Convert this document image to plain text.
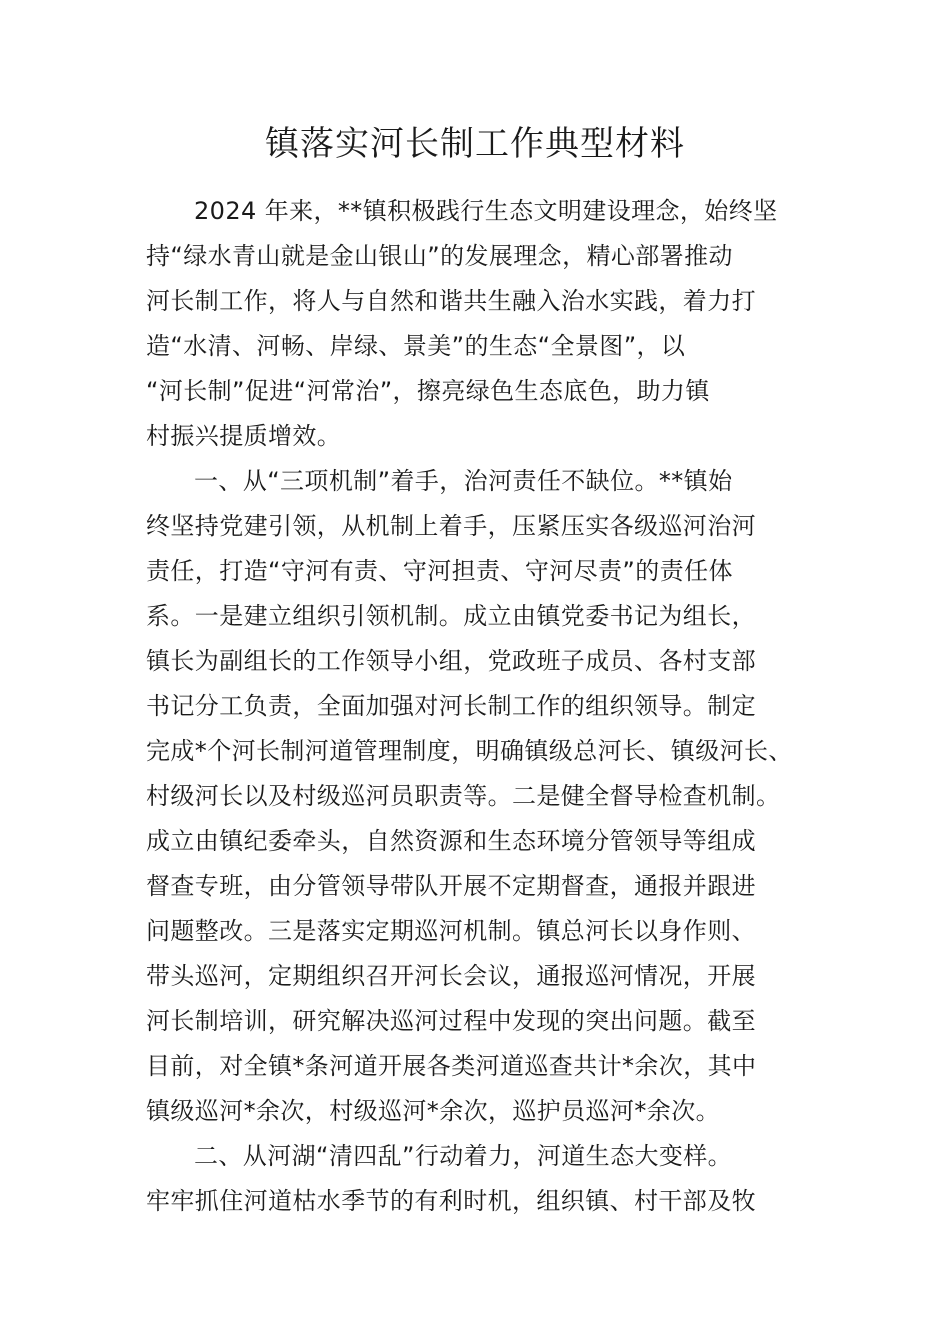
镇落实河长制工作典型材料
2024 年来，**镇积极践行生态文明建设理念，始终坚
持“绿水青山就是金山银山”的发展理念，精心部署推动
河长制工作，将人与自然和谐共生融入治水实践，着力打
造“水清、河畅、岸绿、景美”的生态“全景图”，以
“河长制”促进“河常治”，擦亮绿色生态底色，助力镇
村振兴提质增效。
一、从“三项机制”着手，治河责任不缺位。**镇始
终坚持党建引领，从机制上着手，压紧压实各级巡河治河
责任，打造“守河有责、守河担责、守河尽责”的责任体
系。一是建立组织引领机制。成立由镇党委书记为组长，
镇长为副组长的工作领导小组，党政班子成员、各村支部
书记分工负责，全面加强对河长制工作的组织领导。制定
完成*个河长制河道管理制度，明确镇级总河长、镇级河长、
村级河长以及村级巡河员职责等。二是健全督导检查机制。
成立由镇纪委牵头，自然资源和生态环境分管领导等组成
督查专班，由分管领导带队开展不定期督查，通报并跟进
问题整改。三是落实定期巡河机制。镇总河长以身作则、
带头巡河，定期组织召开河长会议，通报巡河情况，开展
河长制培训，研究解决巡河过程中发现的突出问题。截至
目前，对全镇*条河道开展各类河道巡查共计*余次，其中
镇级巡河*余次，村级巡河*余次，巡护员巡河*余次。
二、从河湖“清四乱”行动着力，河道生态大变样。
牢牢抓住河道枯水季节的有利时机，组织镇、村干部及牧
